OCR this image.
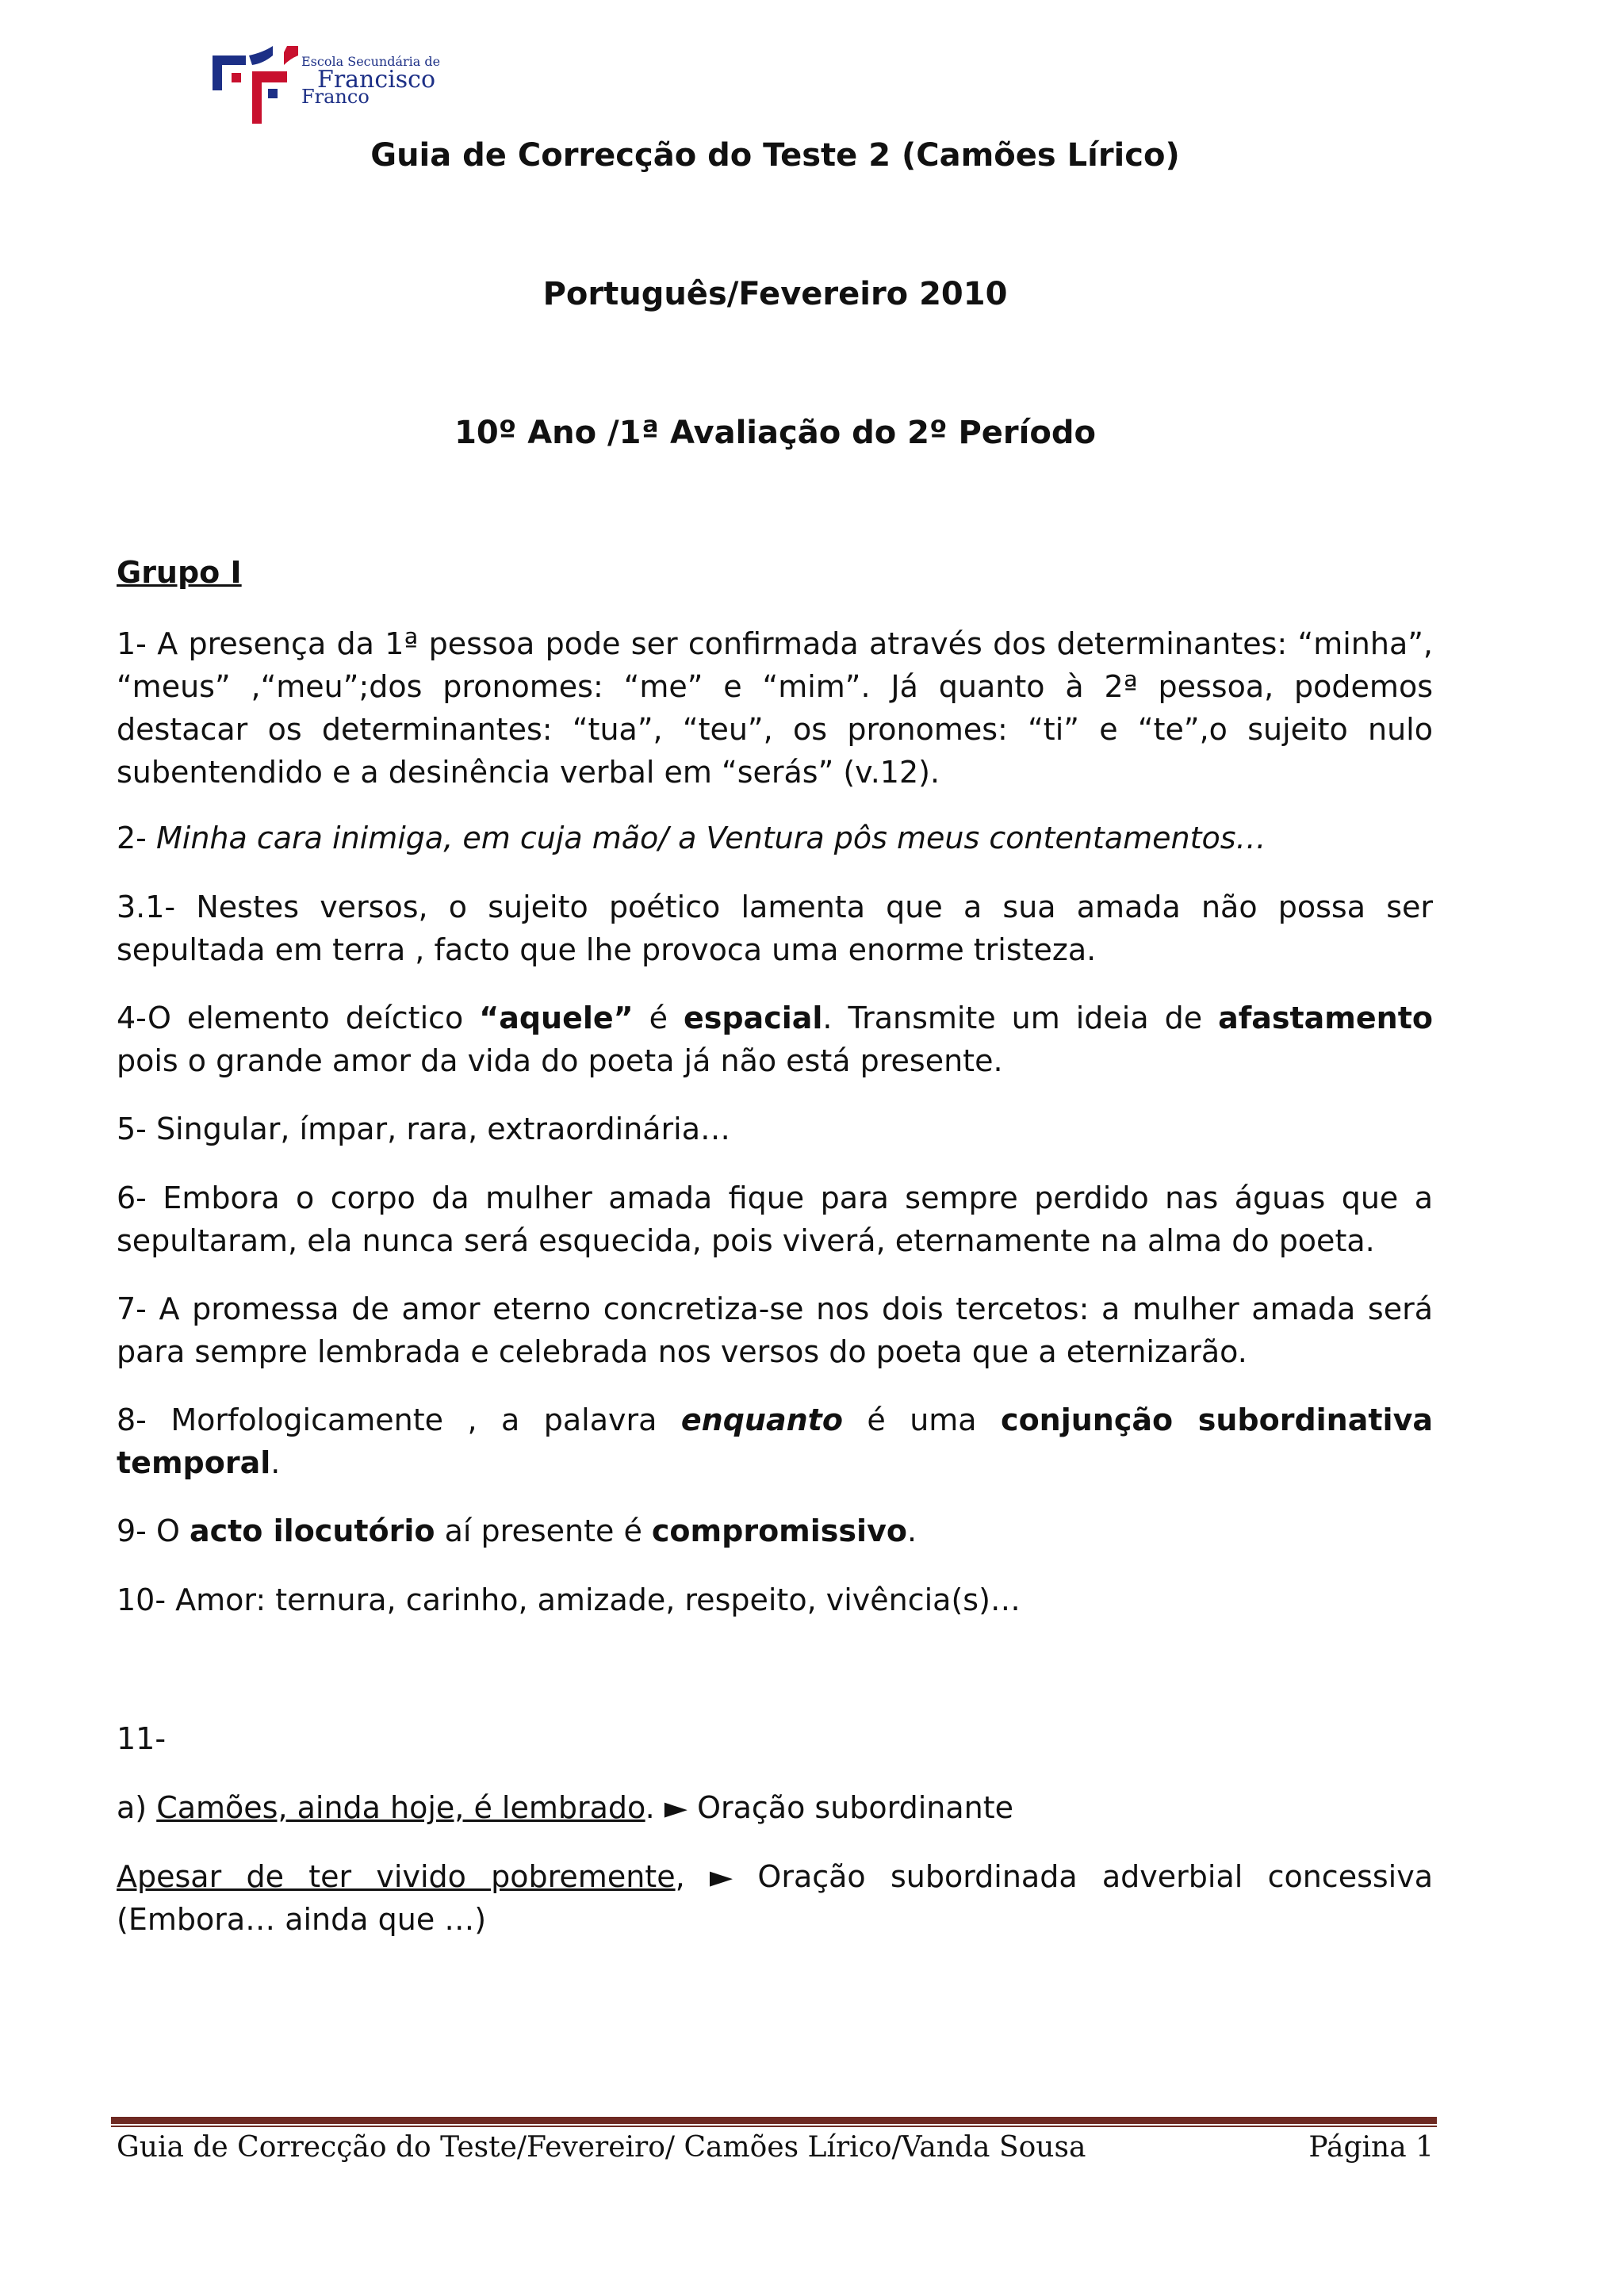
Escola Secundária de
Francisco
Franco
Guia de Correcção do Teste 2 (Camões Lírico)
Português/Fevereiro 2010
10º Ano /1ª Avaliação do 2º Período
Grupo I
1- A presença da 1ª pessoa pode ser confirmada através dos determinantes: “minha”, “meus” ,“meu”;dos pronomes: “me” e “mim”. Já quanto à 2ª pessoa, podemos destacar os determinantes: “tua”, “teu”, os pronomes: “ti” e “te”,o sujeito nulo subentendido e a desinência verbal em “serás” (v.12).
2- Minha cara inimiga, em cuja mão/ a Ventura pôs meus contentamentos…
3.1- Nestes versos, o sujeito poético lamenta que a sua amada não possa ser sepultada em terra , facto que lhe provoca uma enorme tristeza.
4-O elemento deíctico “aquele” é espacial. Transmite um ideia de afastamento pois o grande amor da vida do poeta já não está presente.
5- Singular, ímpar, rara, extraordinária…
6- Embora o corpo da mulher amada fique para sempre perdido nas águas que a sepultaram, ela nunca será esquecida, pois viverá, eternamente na alma do poeta.
7- A promessa de amor eterno concretiza-se nos dois tercetos: a mulher amada será para sempre lembrada e celebrada nos versos do poeta que a eternizarão.
8- Morfologicamente , a palavra enquanto é uma conjunção subordinativa temporal.
9- O acto ilocutório aí presente é compromissivo.
10- Amor: ternura, carinho, amizade, respeito, vivência(s)…
11-
a) Camões, ainda hoje, é lembrado. ► Oração subordinante
Apesar de ter vivido pobremente, ► Oração subordinada adverbial concessiva (Embora… ainda que …)
Guia de Correcção do Teste/Fevereiro/ Camões Lírico/Vanda Sousa	Página 1
